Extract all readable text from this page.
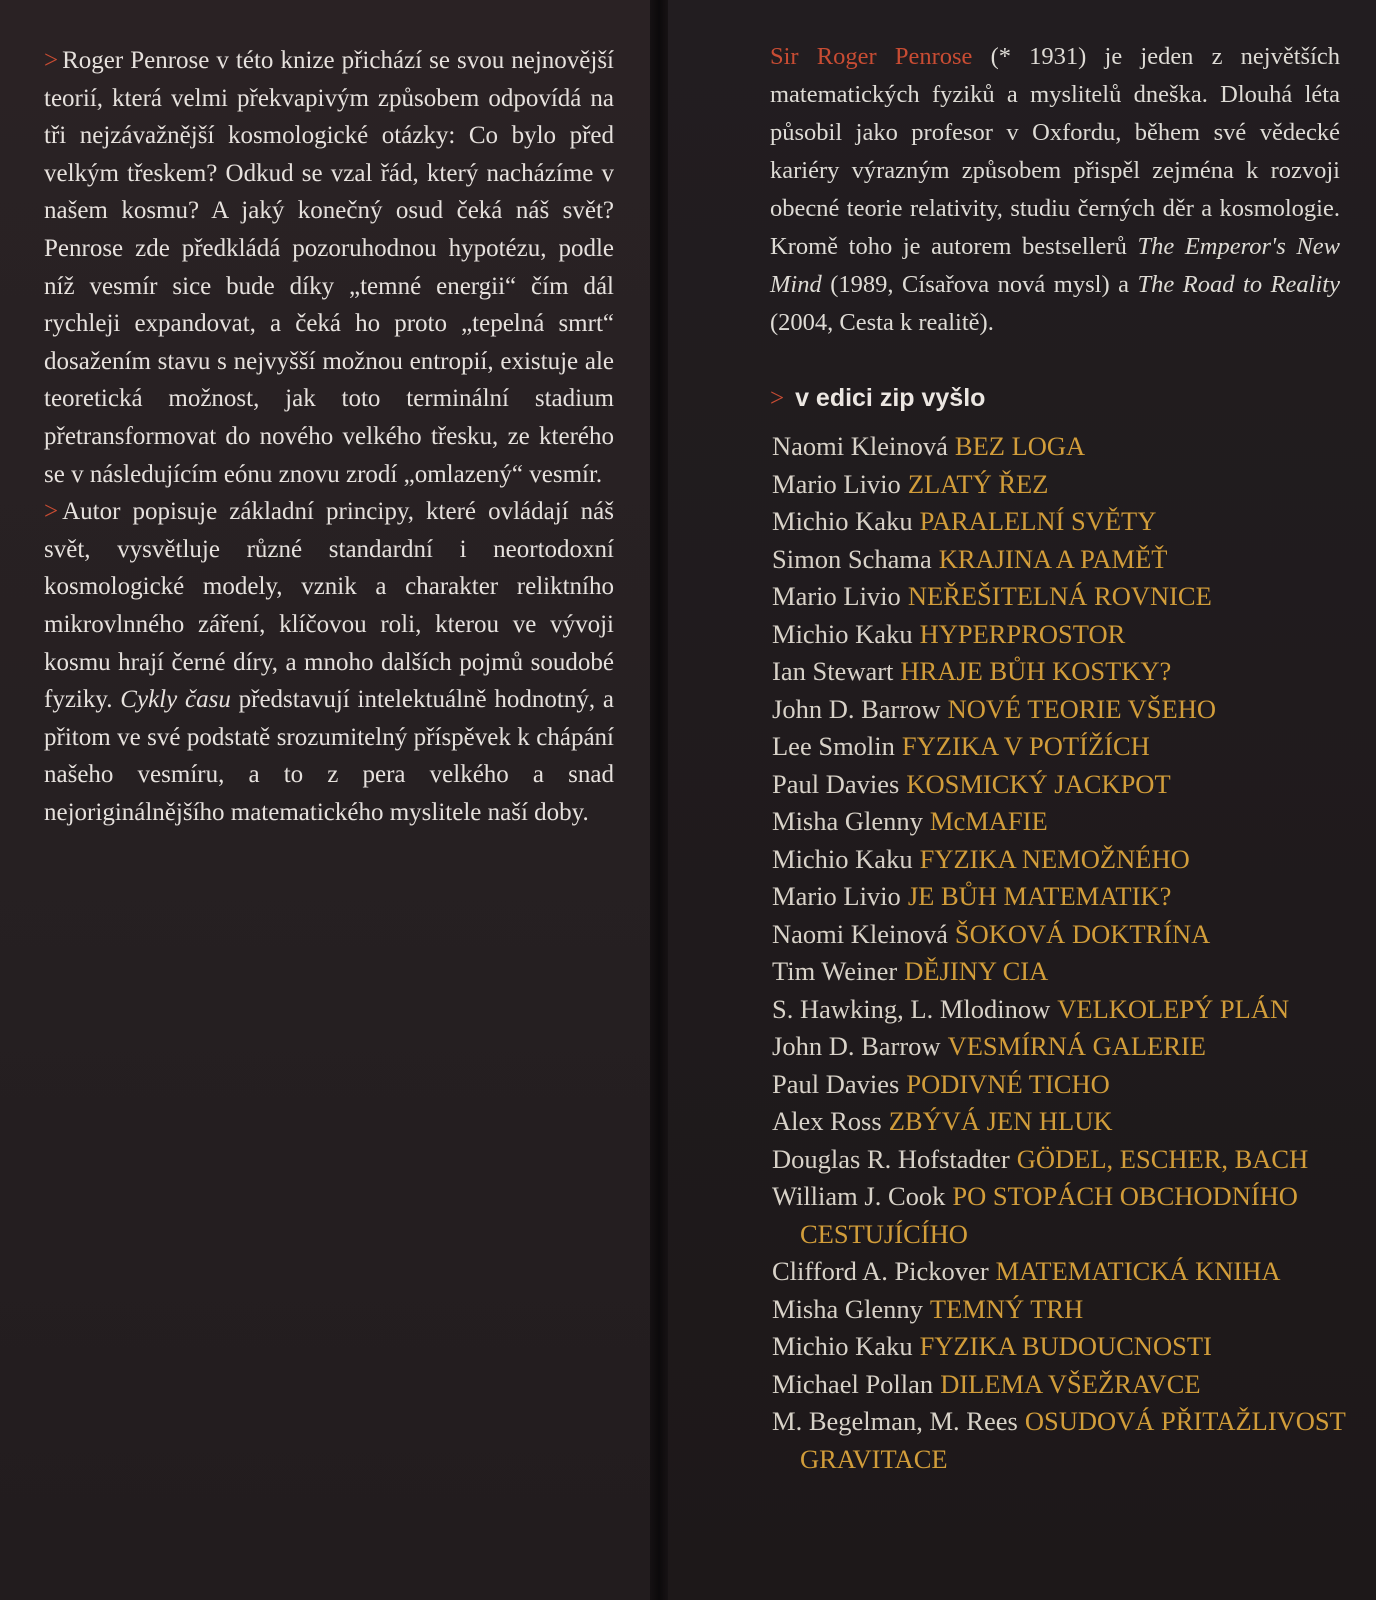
> Roger Penrose v této knize přichází se svou nejnovější teorií, která velmi překvapivým způsobem odpovídá na tři nejzávažnější kosmologické otázky: Co bylo před velkým třeskem? Odkud se vzal řád, který nacházíme v našem kosmu? A jaký konečný osud čeká náš svět? Penrose zde předkládá pozoruhodnou hypotézu, podle níž vesmír sice bude díky „temné energii“ čím dál rychleji expandovat, a čeká ho proto „tepelná smrt“ dosažením stavu s nejvyšší možnou entropií, existuje ale teoretická možnost, jak toto terminální stadium přetransformovat do nového velkého třesku, ze kterého se v následujícím eónu znovu zrodí „omlazený“ vesmír.

> Autor popisuje základní principy, které ovládají náš svět, vysvětluje různé standardní i neortodoxní kosmologické modely, vznik a charakter reliktního mikrovlnného záření, klíčovou roli, kterou ve vývoji kosmu hrají černé díry, a mnoho dalších pojmů soudobé fyziky. Cykly času představují intelektuálně hodnotný, a přitom ve své podstatě srozumitelný příspěvek k chápání našeho vesmíru, a to z pera velkého a snad nejoriginálnějšího matematického myslitele naší doby.

Sir Roger Penrose (* 1931) je jeden z největších matematických fyziků a myslitelů dneška. Dlouhá léta působil jako profesor v Oxfordu, během své vědecké kariéry výrazným způsobem přispěl zejména k rozvoji obecné teorie relativity, studiu černých děr a kosmologie. Kromě toho je autorem bestsellerů The Emperor's New Mind (1989, Císařova nová mysl) a The Road to Reality (2004, Cesta k realitě).

> v edici zip vyšlo
Naomi Kleinová BEZ LOGA
Mario Livio ZLATÝ ŘEZ
Michio Kaku PARALELNÍ SVĚTY
Simon Schama KRAJINA A PAMĚŤ
Mario Livio NEŘEŠITELNÁ ROVNICE
Michio Kaku HYPERPROSTOR
Ian Stewart HRAJE BŮH KOSTKY?
John D. Barrow NOVÉ TEORIE VŠEHO
Lee Smolin FYZIKA V POTÍŽÍCH
Paul Davies KOSMICKÝ JACKPOT
Misha Glenny McMAFIE
Michio Kaku FYZIKA NEMOŽNÉHO
Mario Livio JE BŮH MATEMATIK?
Naomi Kleinová ŠOKOVÁ DOKTRÍNA
Tim Weiner DĚJINY CIA
S. Hawking, L. Mlodinow VELKOLEPÝ PLÁN
John D. Barrow VESMÍRNÁ GALERIE
Paul Davies PODIVNÉ TICHO
Alex Ross ZBÝVÁ JEN HLUK
Douglas R. Hofstadter GÖDEL, ESCHER, BACH
William J. Cook PO STOPÁCH OBCHODNÍHO CESTUJÍCÍHO
Clifford A. Pickover MATEMATICKÁ KNIHA
Misha Glenny TEMNÝ TRH
Michio Kaku FYZIKA BUDOUCNOSTI
Michael Pollan DILEMA VŠEŽRAVCE
M. Begelman, M. Rees OSUDOVÁ PŘITAŽLIVOST GRAVITACE
